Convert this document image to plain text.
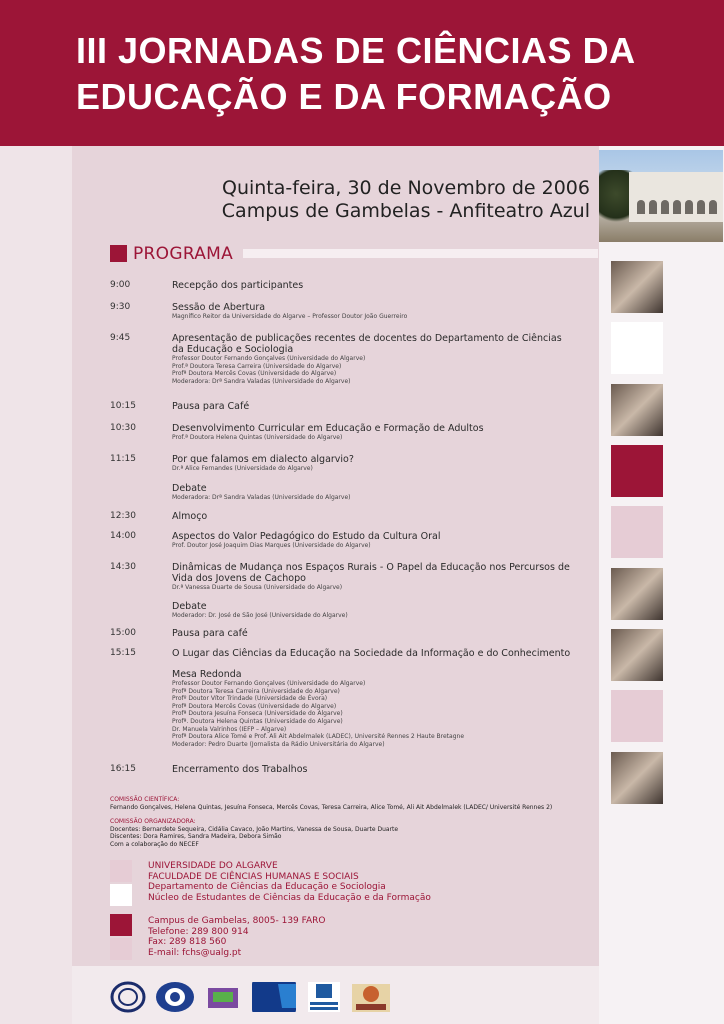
III JORNADAS DE CIÊNCIAS DA
EDUCAÇÃO E DA FORMAÇÃO
Quinta-feira, 30 de Novembro de 2006
Campus de Gambelas - Anfiteatro Azul
PROGRAMA
9:00	Recepção dos participantes
9:30	Sessão de Abertura
Magnífico Reitor da Universidade do Algarve – Professor Doutor João Guerreiro
9:45	Apresentação de publicações recentes de docentes do Departamento de Ciências da Educação e Sociologia
Professor Doutor Fernando Gonçalves (Universidade do Algarve)
Prof.ª Doutora Teresa Carreira (Universidade do Algarve)
Profª Doutora Mercês Covas (Universidade do Algarve)
Moderadora: Drª Sandra Valadas (Universidade do Algarve)
10:15	Pausa para Café
10:30	Desenvolvimento Curricular em Educação e Formação de Adultos
Prof.ª Doutora Helena Quintas (Universidade do Algarve)
11:15	Por que falamos em dialecto algarvio?
Dr.ª Alice Fernandes (Universidade do Algarve)
Debate
Moderadora: Drª Sandra Valadas (Universidade do Algarve)
12:30	Almoço
14:00	Aspectos do Valor Pedagógico do Estudo da Cultura Oral
Prof. Doutor José Joaquim Dias Marques (Universidade do Algarve)
14:30	Dinâmicas de Mudança nos Espaços Rurais - O Papel da Educação nos Percursos de Vida dos Jovens de Cachopo
Dr.ª Vanessa Duarte de Sousa (Universidade do Algarve)
Debate
Moderador: Dr. José de São José (Universidade do Algarve)
15:00	Pausa para café
15:15	O Lugar das Ciências da Educação na Sociedade da Informação e do Conhecimento
Mesa Redonda
Professor Doutor Fernando Gonçalves (Universidade do Algarve)
Profª Doutora Teresa Carreira (Universidade do Algarve)
Profº Doutor Vítor Trindade (Universidade de Évora)
Profª Doutora Mercês Covas (Universidade do Algarve)
Profª Doutora Jesuína Fonseca (Universidade do Algarve)
Profª. Doutora Helena Quintas (Universidade do Algarve)
Dr. Manuela Valrinhos (IEFP – Algarve)
Profª Doutora Alice Tomé e Prof. Ali Ait Abdelmalek (LADEC), Université Rennes 2 Haute Bretagne
Moderador: Pedro Duarte (Jornalista da Rádio Universitária do Algarve)
16:15	Encerramento dos Trabalhos
COMISSÃO CIENTÍFICA:
Fernando Gonçalves, Helena Quintas, Jesuína Fonseca, Mercês Covas, Teresa Carreira, Alice Tomé, Ali Ait Abdelmalek (LADEC/ Université Rennes 2)
COMISSÃO ORGANIZADORA:
Docentes: Bernardete Sequeira, Cidália Cavaco, João Martins, Vanessa de Sousa, Duarte Duarte
Discentes: Dora Ramires, Sandra Madeira, Debora Simão
Com a colaboração do NECEF
UNIVERSIDADE DO ALGARVE
FACULDADE DE CIÊNCIAS HUMANAS E SOCIAIS
Departamento de Ciências da Educação e Sociologia
Núcleo de Estudantes de Ciências da Educação e da Formação
Campus de Gambelas, 8005- 139 FARO
Telefone: 289 800 914
Fax: 289 818 560
E-mail: fchs@ualg.pt
